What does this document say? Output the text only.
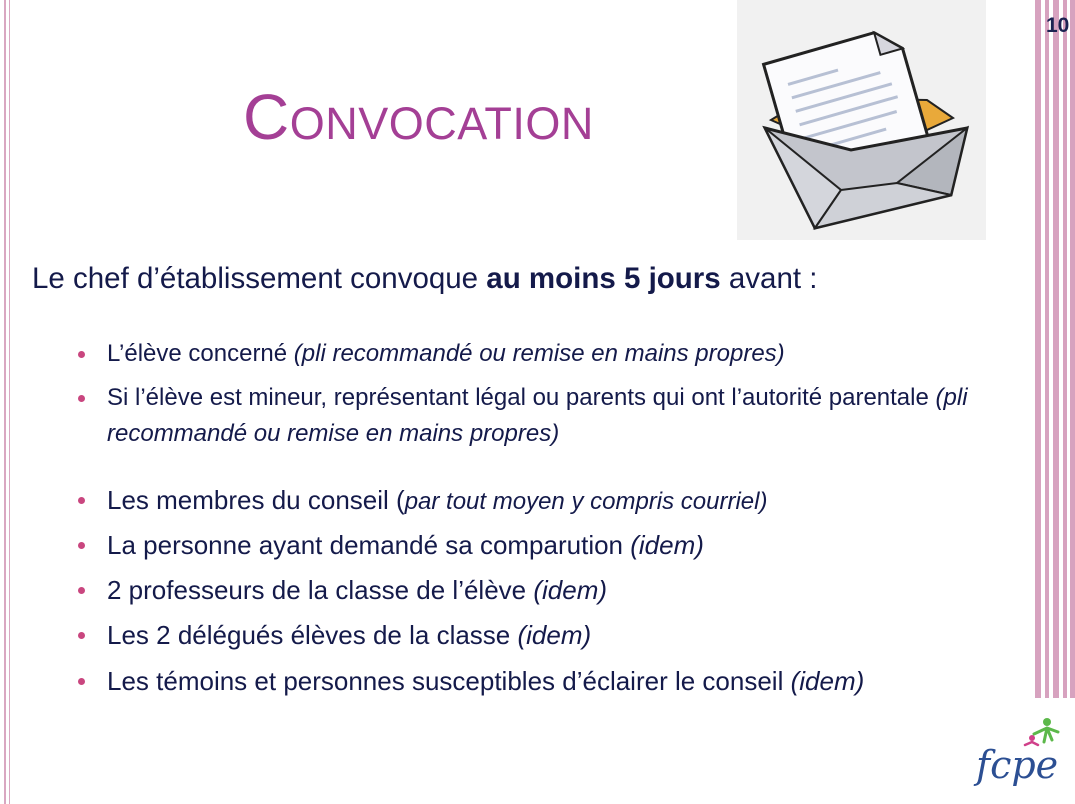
10
Convocation
Le chef d’établissement convoque au moins 5 jours avant :
L’élève concerné (pli recommandé ou remise en mains propres)
Si l’élève est mineur, représentant légal ou parents qui ont l’autorité parentale (pli recommandé ou remise en mains propres)
Les membres du conseil (par tout moyen y compris courriel)
La personne ayant demandé sa comparution (idem)
2 professeurs de la classe de l’élève (idem)
Les 2 délégués élèves de la classe (idem)
Les témoins et personnes susceptibles d’éclairer le conseil (idem)
fcpe
